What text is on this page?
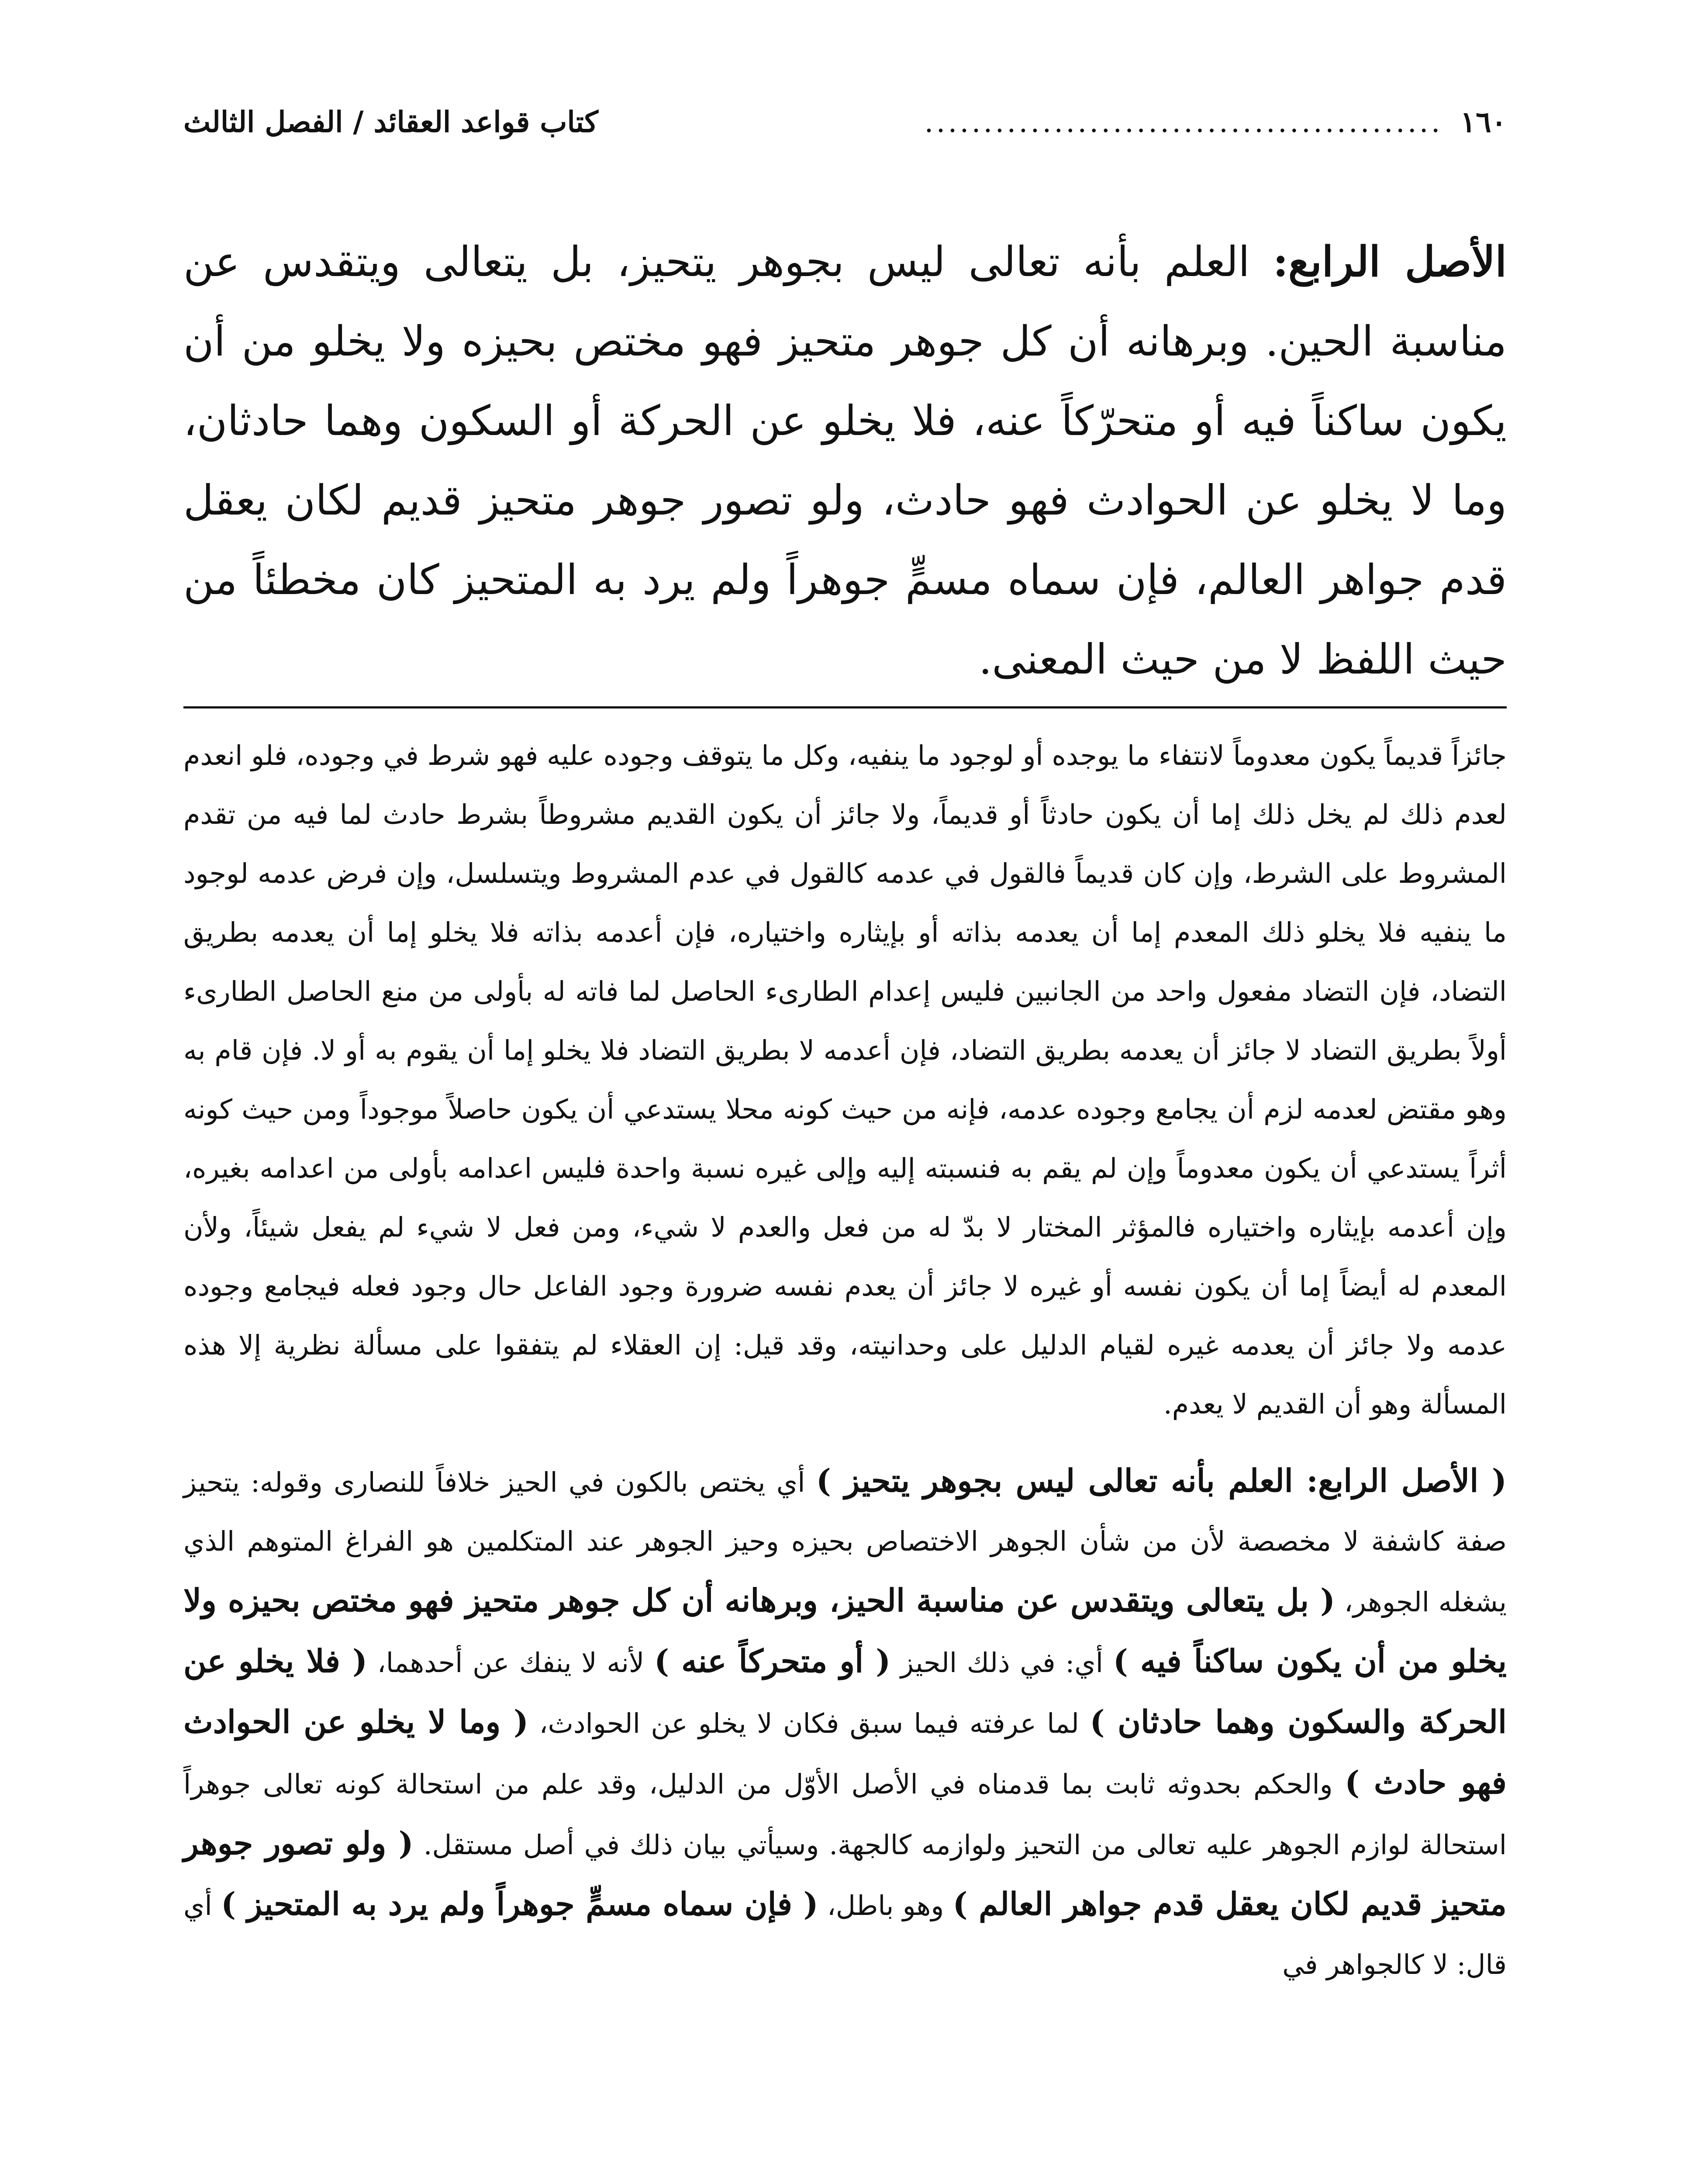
١٦٠
............................................
كتاب قواعد العقائد / الفصل الثالث
الأصل الرابع: العلم بأنه تعالى ليس بجوهر يتحيز، بل يتعالى ويتقدس عن مناسبة الحين. وبرهانه أن كل جوهر متحيز فهو مختص بحيزه ولا يخلو من أن يكون ساكناً فيه أو متحرّكاً عنه، فلا يخلو عن الحركة أو السكون وهما حادثان، وما لا يخلو عن الحوادث فهو حادث، ولو تصور جوهر متحيز قديم لكان يعقل قدم جواهر العالم، فإن سماه مسمٍّ جوهراً ولم يرد به المتحيز كان مخطئاً من حيث اللفظ لا من حيث المعنى.
جائزاً قديماً يكون معدوماً لانتفاء ما يوجده أو لوجود ما ينفيه، وكل ما يتوقف وجوده عليه فهو شرط في وجوده، فلو انعدم لعدم ذلك لم يخل ذلك إما أن يكون حادثاً أو قديماً، ولا جائز أن يكون القديم مشروطاً بشرط حادث لما فيه من تقدم المشروط على الشرط، وإن كان قديماً فالقول في عدمه كالقول في عدم المشروط ويتسلسل، وإن فرض عدمه لوجود ما ينفيه فلا يخلو ذلك المعدم إما أن يعدمه بذاته أو بإيثاره واختياره، فإن أعدمه بذاته فلا يخلو إما أن يعدمه بطريق التضاد، فإن التضاد مفعول واحد من الجانبين فليس إعدام الطارىء الحاصل لما فاته له بأولى من منع الحاصل الطارىء أولاً بطريق التضاد لا جائز أن يعدمه بطريق التضاد، فإن أعدمه لا بطريق التضاد فلا يخلو إما أن يقوم به أو لا. فإن قام به وهو مقتض لعدمه لزم أن يجامع وجوده عدمه، فإنه من حيث كونه محلا يستدعي أن يكون حاصلاً موجوداً ومن حيث كونه أثراً يستدعي أن يكون معدوماً وإن لم يقم به فنسبته إليه وإلى غيره نسبة واحدة فليس اعدامه بأولى من اعدامه بغيره، وإن أعدمه بإيثاره واختياره فالمؤثر المختار لا بدّ له من فعل والعدم لا شيء، ومن فعل لا شيء لم يفعل شيئاً، ولأن المعدم له أيضاً إما أن يكون نفسه أو غيره لا جائز أن يعدم نفسه ضرورة وجود الفاعل حال وجود فعله فيجامع وجوده عدمه ولا جائز أن يعدمه غيره لقيام الدليل على وحدانيته، وقد قيل: إن العقلاء لم يتفقوا على مسألة نظرية إلا هذه المسألة وهو أن القديم لا يعدم.
( الأصل الرابع: العلم بأنه تعالى ليس بجوهر يتحيز ) أي يختص بالكون في الحيز خلافاً للنصارى وقوله: يتحيز صفة كاشفة لا مخصصة لأن من شأن الجوهر الاختصاص بحيزه وحيز الجوهر عند المتكلمين هو الفراغ المتوهم الذي يشغله الجوهر، ( بل يتعالى ويتقدس عن مناسبة الحيز، وبرهانه أن كل جوهر متحيز فهو مختص بحيزه ولا يخلو من أن يكون ساكناً فيه ) أي: في ذلك الحيز ( أو متحركاً عنه ) لأنه لا ينفك عن أحدهما، ( فلا يخلو عن الحركة والسكون وهما حادثان ) لما عرفته فيما سبق فكان لا يخلو عن الحوادث، ( وما لا يخلو عن الحوادث فهو حادث ) والحكم بحدوثه ثابت بما قدمناه في الأصل الأوّل من الدليل، وقد علم من استحالة كونه تعالى جوهراً استحالة لوازم الجوهر عليه تعالى من التحيز ولوازمه كالجهة. وسيأتي بيان ذلك في أصل مستقل. ( ولو تصور جوهر متحيز قديم لكان يعقل قدم جواهر العالم ) وهو باطل، ( فإن سماه مسمٍّ جوهراً ولم يرد به المتحيز ) أي قال: لا كالجواهر في
